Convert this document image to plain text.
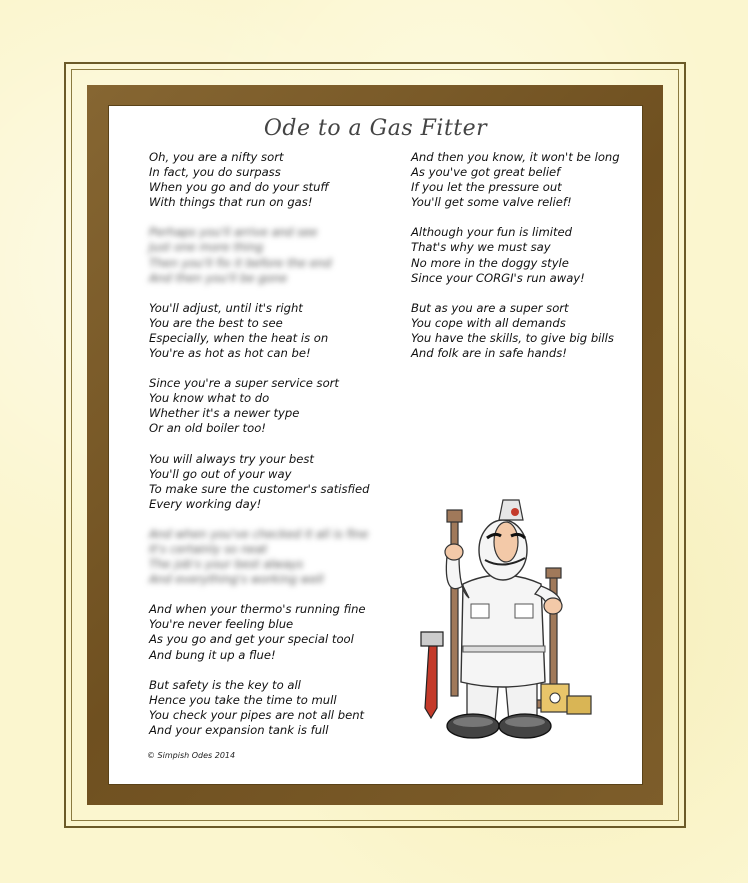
Ode to a Gas Fitter
Oh, you are a nifty sort
In fact, you do surpass
When you go and do your stuff
With things that run on gas!
Perhaps you'll arrive and see
Just one more thing
Then you'll fix it before the end
And then you'll be gone
You'll adjust, until it's right
You are the best to see
Especially, when the heat is on
You're as hot as hot can be!
Since you're a super service sort
You know what to do
Whether it's a newer type
Or an old boiler too!
You will always try your best
You'll go out of your way
To make sure the customer's satisfied
Every working day!
And when you've checked it all is fine
It's certainly so neat
The job's your best always
And everything's working well
And when your thermo's running fine
You're never feeling blue
As you go and get your special tool
And bung it up a flue!
But safety is the key to all
Hence you take the time to mull
You check your pipes are not all bent
And your expansion tank is full
And then you know, it won't be long
As you've got great belief
If you let the pressure out
You'll get some valve relief!
Although your fun is limited
That's why we must say
No more in the doggy style
Since your CORGI's run away!
But as you are a super sort
You cope with all demands
You have the skills, to give big bills
And folk are in safe hands!
© Simpish Odes 2014
